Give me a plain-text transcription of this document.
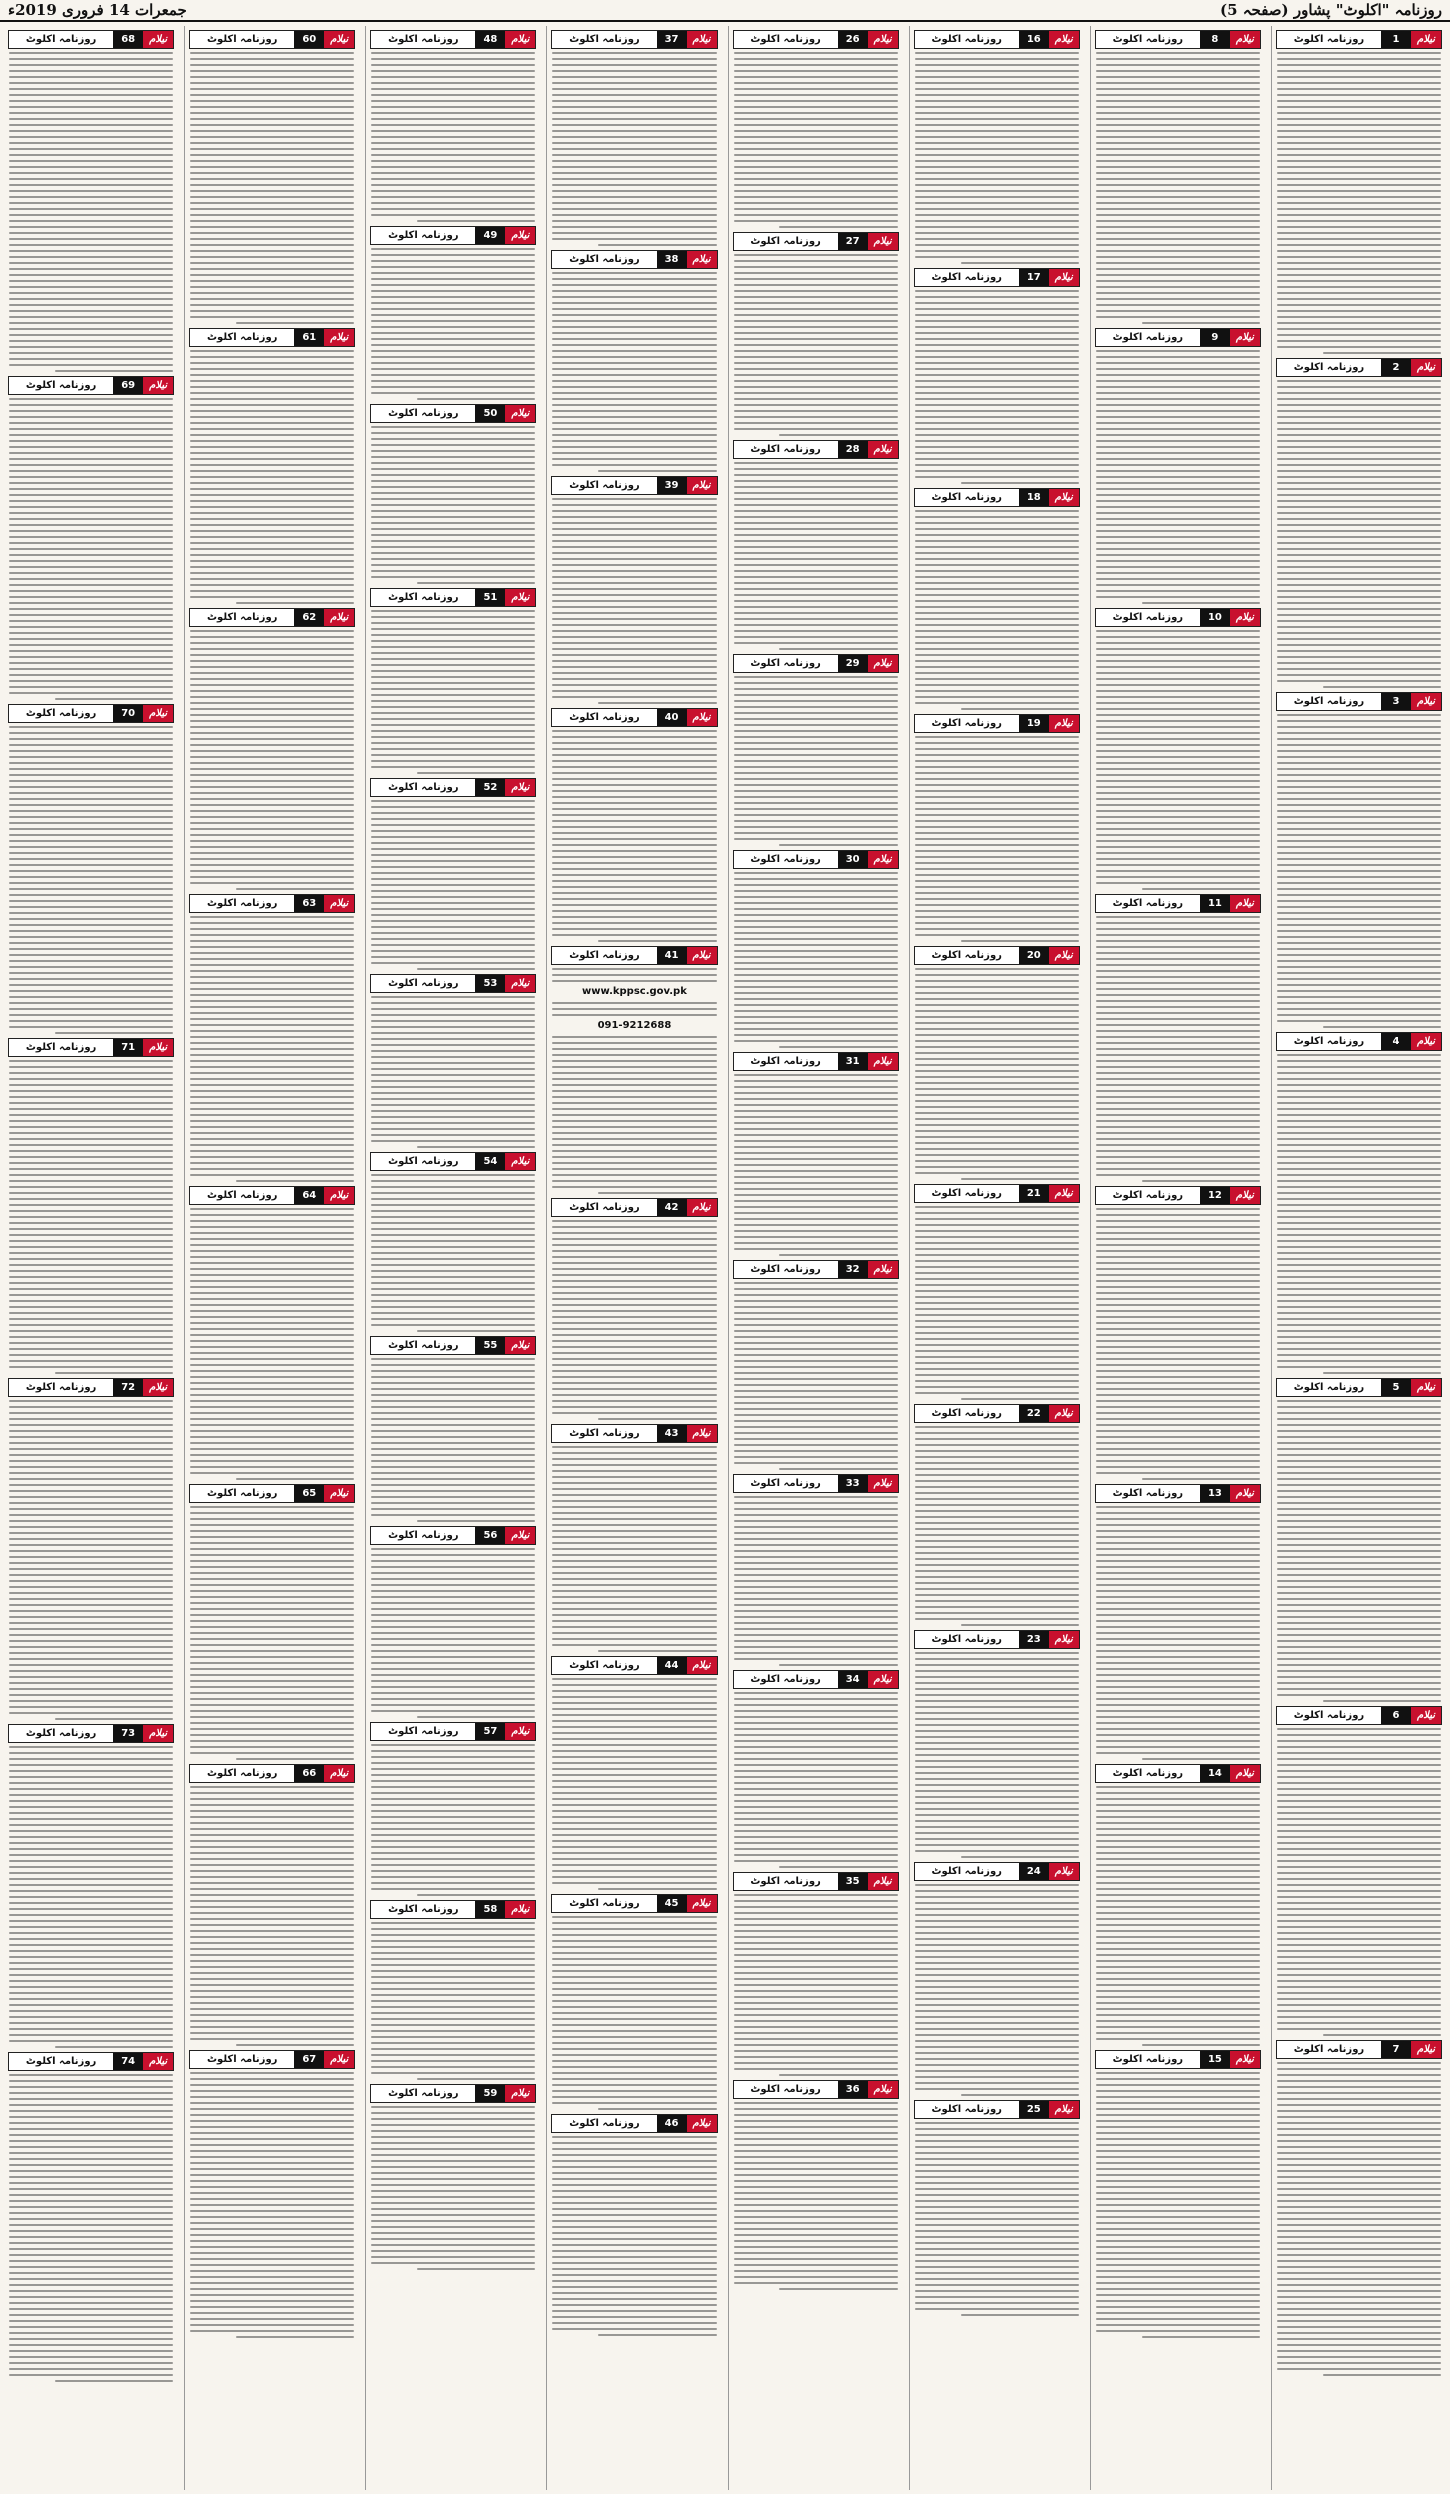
روزنامہ "اکلوٹ" پشاور (صفحہ 5)
جمعرات 14 فروری 2019ء
نیلام
1
روزنامہ اکلوٹ
نیلام
2
روزنامہ اکلوٹ
نیلام
3
روزنامہ اکلوٹ
نیلام
4
روزنامہ اکلوٹ
نیلام
5
روزنامہ اکلوٹ
نیلام
6
روزنامہ اکلوٹ
نیلام
7
روزنامہ اکلوٹ
نیلام
8
روزنامہ اکلوٹ
نیلام
9
روزنامہ اکلوٹ
نیلام
10
روزنامہ اکلوٹ
نیلام
11
روزنامہ اکلوٹ
نیلام
12
روزنامہ اکلوٹ
نیلام
13
روزنامہ اکلوٹ
نیلام
14
روزنامہ اکلوٹ
نیلام
15
روزنامہ اکلوٹ
نیلام
16
روزنامہ اکلوٹ
نیلام
17
روزنامہ اکلوٹ
نیلام
18
روزنامہ اکلوٹ
نیلام
19
روزنامہ اکلوٹ
نیلام
20
روزنامہ اکلوٹ
نیلام
21
روزنامہ اکلوٹ
نیلام
22
روزنامہ اکلوٹ
نیلام
23
روزنامہ اکلوٹ
نیلام
24
روزنامہ اکلوٹ
نیلام
25
روزنامہ اکلوٹ
نیلام
26
روزنامہ اکلوٹ
نیلام
27
روزنامہ اکلوٹ
نیلام
28
روزنامہ اکلوٹ
نیلام
29
روزنامہ اکلوٹ
نیلام
30
روزنامہ اکلوٹ
نیلام
31
روزنامہ اکلوٹ
نیلام
32
روزنامہ اکلوٹ
نیلام
33
روزنامہ اکلوٹ
نیلام
34
روزنامہ اکلوٹ
نیلام
35
روزنامہ اکلوٹ
نیلام
36
روزنامہ اکلوٹ
نیلام
37
روزنامہ اکلوٹ
نیلام
38
روزنامہ اکلوٹ
نیلام
39
روزنامہ اکلوٹ
نیلام
40
روزنامہ اکلوٹ
نیلام
41
روزنامہ اکلوٹ
www.kppsc.gov.pk
091-9212688
نیلام
42
روزنامہ اکلوٹ
نیلام
43
روزنامہ اکلوٹ
نیلام
44
روزنامہ اکلوٹ
نیلام
45
روزنامہ اکلوٹ
نیلام
46
روزنامہ اکلوٹ
نیلام
48
روزنامہ اکلوٹ
نیلام
49
روزنامہ اکلوٹ
نیلام
50
روزنامہ اکلوٹ
نیلام
51
روزنامہ اکلوٹ
نیلام
52
روزنامہ اکلوٹ
نیلام
53
روزنامہ اکلوٹ
نیلام
54
روزنامہ اکلوٹ
نیلام
55
روزنامہ اکلوٹ
نیلام
56
روزنامہ اکلوٹ
نیلام
57
روزنامہ اکلوٹ
نیلام
58
روزنامہ اکلوٹ
نیلام
59
روزنامہ اکلوٹ
نیلام
60
روزنامہ اکلوٹ
نیلام
61
روزنامہ اکلوٹ
نیلام
62
روزنامہ اکلوٹ
نیلام
63
روزنامہ اکلوٹ
نیلام
64
روزنامہ اکلوٹ
نیلام
65
روزنامہ اکلوٹ
نیلام
66
روزنامہ اکلوٹ
نیلام
67
روزنامہ اکلوٹ
نیلام
68
روزنامہ اکلوٹ
نیلام
69
روزنامہ اکلوٹ
نیلام
70
روزنامہ اکلوٹ
نیلام
71
روزنامہ اکلوٹ
نیلام
72
روزنامہ اکلوٹ
نیلام
73
روزنامہ اکلوٹ
نیلام
74
روزنامہ اکلوٹ
